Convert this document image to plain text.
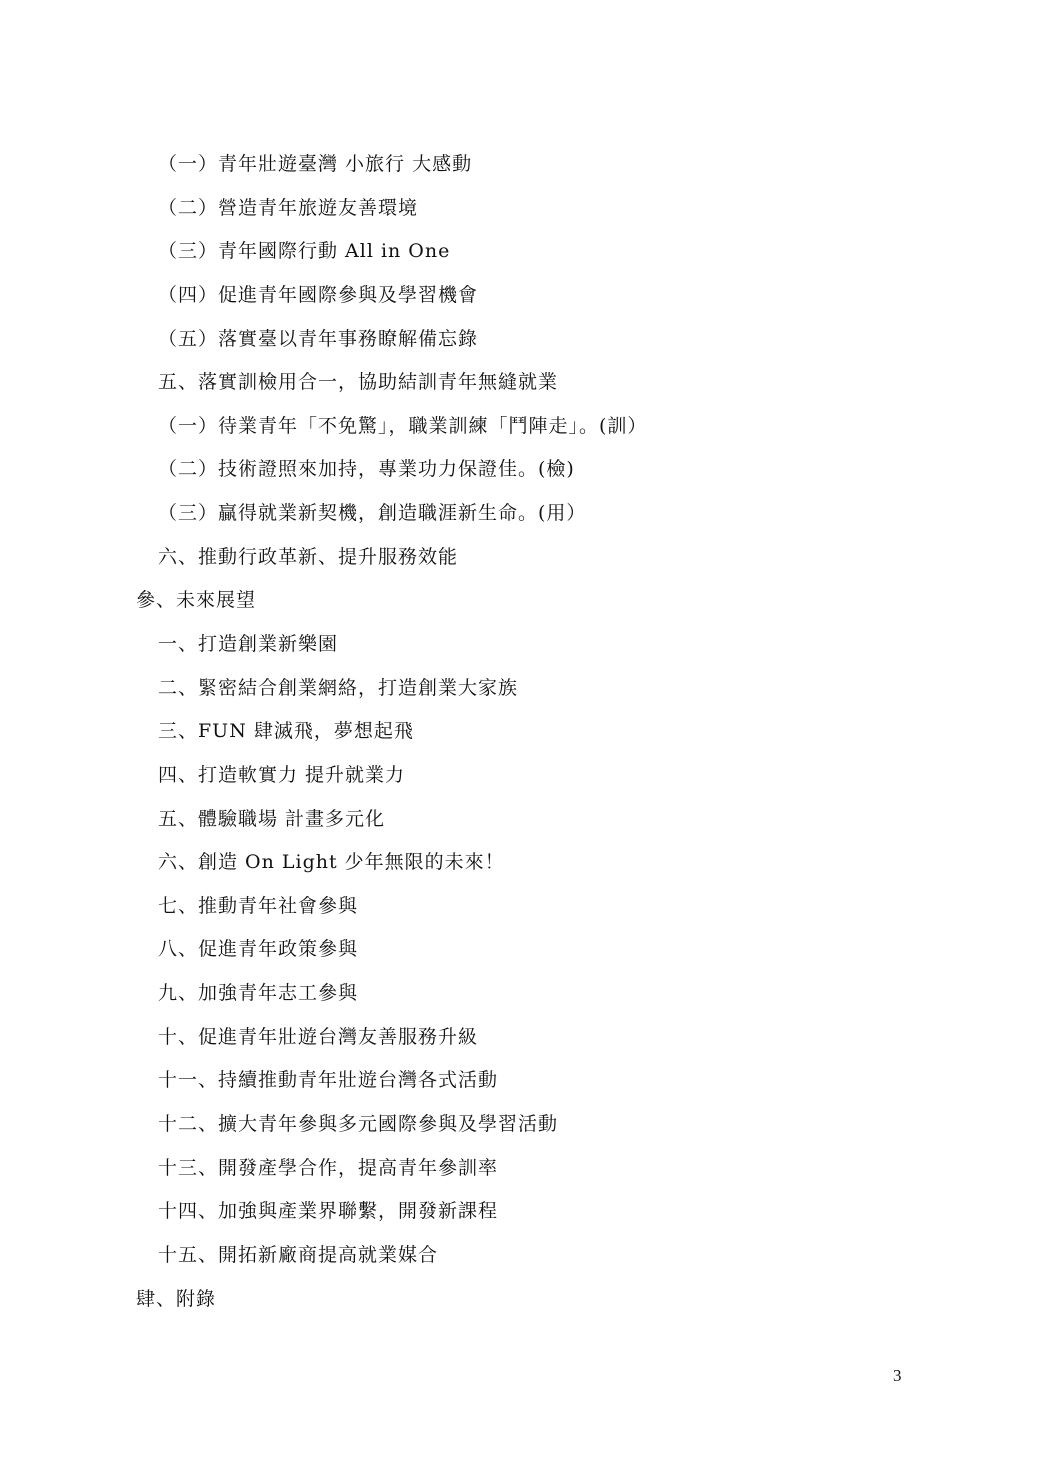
（一）青年壯遊臺灣 小旅行 大感動
（二）營造青年旅遊友善環境
（三）青年國際行動 All in One
（四）促進青年國際參與及學習機會
（五）落實臺以青年事務瞭解備忘錄
五、落實訓檢用合一，協助結訓青年無縫就業
（一）待業青年「不免驚」，職業訓練「鬥陣走」。(訓）
（二）技術證照來加持，專業功力保證佳。(檢)
（三）贏得就業新契機，創造職涯新生命。(用）
六、推動行政革新、提升服務效能
參、未來展望
一、打造創業新樂園
二、緊密結合創業網絡，打造創業大家族
三、FUN 肆滅飛，夢想起飛
四、打造軟實力 提升就業力
五、體驗職場 計畫多元化
六、創造 On Light 少年無限的未來！
七、推動青年社會參與
八、促進青年政策參與
九、加強青年志工參與
十、促進青年壯遊台灣友善服務升級
十一、持續推動青年壯遊台灣各式活動
十二、擴大青年參與多元國際參與及學習活動
十三、開發產學合作，提高青年參訓率
十四、加強與產業界聯繫，開發新課程
十五、開拓新廠商提高就業媒合
肆、附錄
3
